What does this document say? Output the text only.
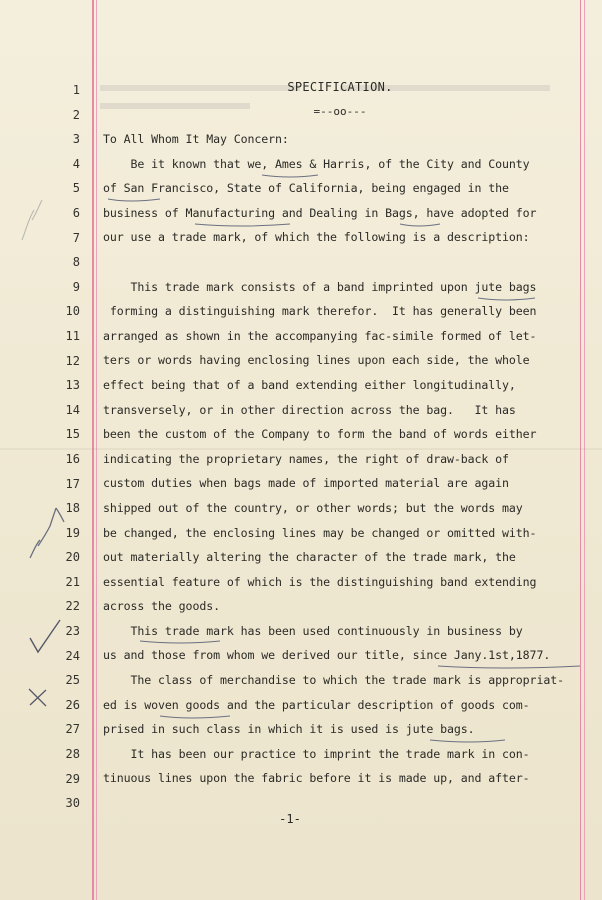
1
2
3
4
5
6
7
8
9
10
11
12
13
14
15
16
17
18
19
20
21
22
23
24
25
26
27
28
29
30
SPECIFICATION.
=--oo---
To All Whom It May Concern:
Be it known that we, Ames & Harris, of the City and County
of San Francisco, State of California, being engaged in the
business of Manufacturing and Dealing in Bags, have adopted for
our use a trade mark, of which the following is a description:
This trade mark consists of a band imprinted upon jute bags
forming a distinguishing mark therefor.  It has generally been
arranged as shown in the accompanying fac-simile formed of let-
ters or words having enclosing lines upon each side, the whole
effect being that of a band extending either longitudinally,
transversely, or in other direction across the bag.   It has
been the custom of the Company to form the band of words either
indicating the proprietary names, the right of draw-back of
custom duties when bags made of imported material are again
shipped out of the country, or other words; but the words may
be changed, the enclosing lines may be changed or omitted with-
out materially altering the character of the trade mark, the
essential feature of which is the distinguishing band extending
across the goods.
This trade mark has been used continuously in business by
us and those from whom we derived our title, since Jany.1st,1877.
The class of merchandise to which the trade mark is appropriat-
ed is woven goods and the particular description of goods com-
prised in such class in which it is used is jute bags.
It has been our practice to imprint the trade mark in con-
tinuous lines upon the fabric before it is made up, and after-
-1-
